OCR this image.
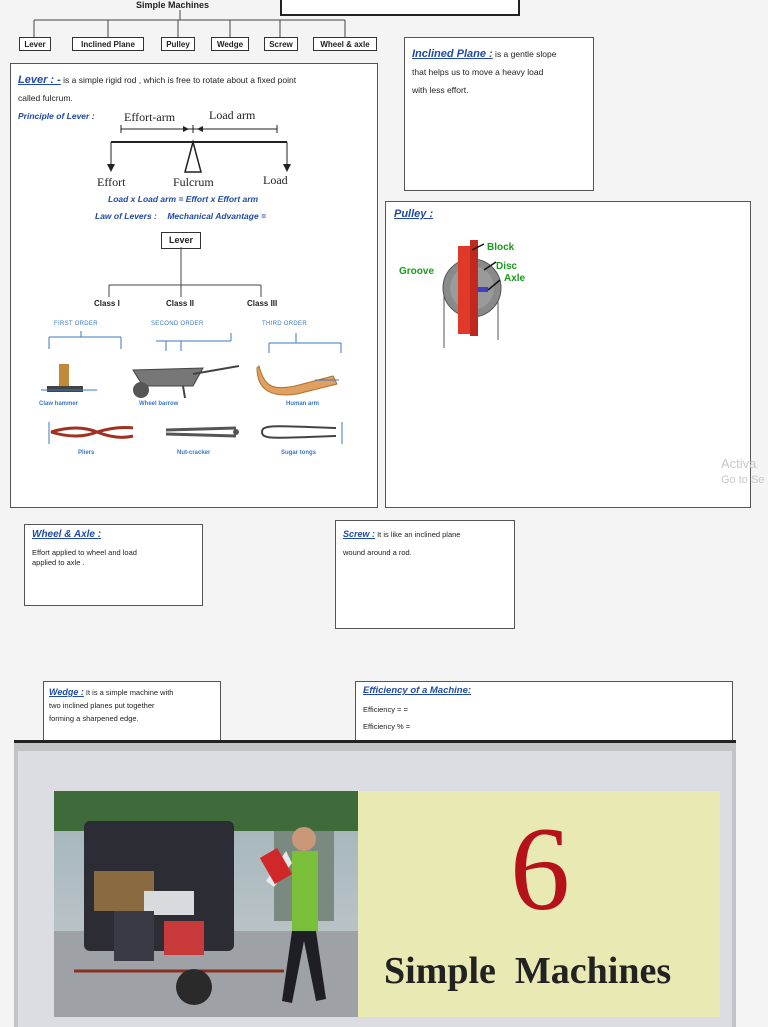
Simple Machines
Lever	Inclined Plane	Pulley	Wedge	Screw	Wheel & axle
Lever : - is a simple rigid rod , which is free to rotate about a fixed point
called fulcrum.
Principle of Lever :	Effort-arm	Load arm
Effort	Fulcrum	Load
Load x Load arm = Effort x Effort arm
Law of Levers : Mechanical Advantage =
Lever
Class I	Class II	Class III
FIRST ORDER	SECOND ORDER	THIRD ORDER
Claw hammer	Wheel barrow	Human arm
Pliers	Nut-cracker	Sugar tongs
Inclined Plane : is a gentle slope
that helps us to move a heavy load
with less effort.
Pulley :
Block
Disc
Axle
Groove
Activa
Go to Se
Wheel & Axle :
Effort applied to wheel and load
applied to axle .
Screw : It is like an inclined plane
wound around a rod.
Wedge : It is a simple machine with
two inclined planes put together
forming a sharpened edge.
Efficiency of a Machine:
Efficiency = =
Efficiency % =
6
Simple  Machines
